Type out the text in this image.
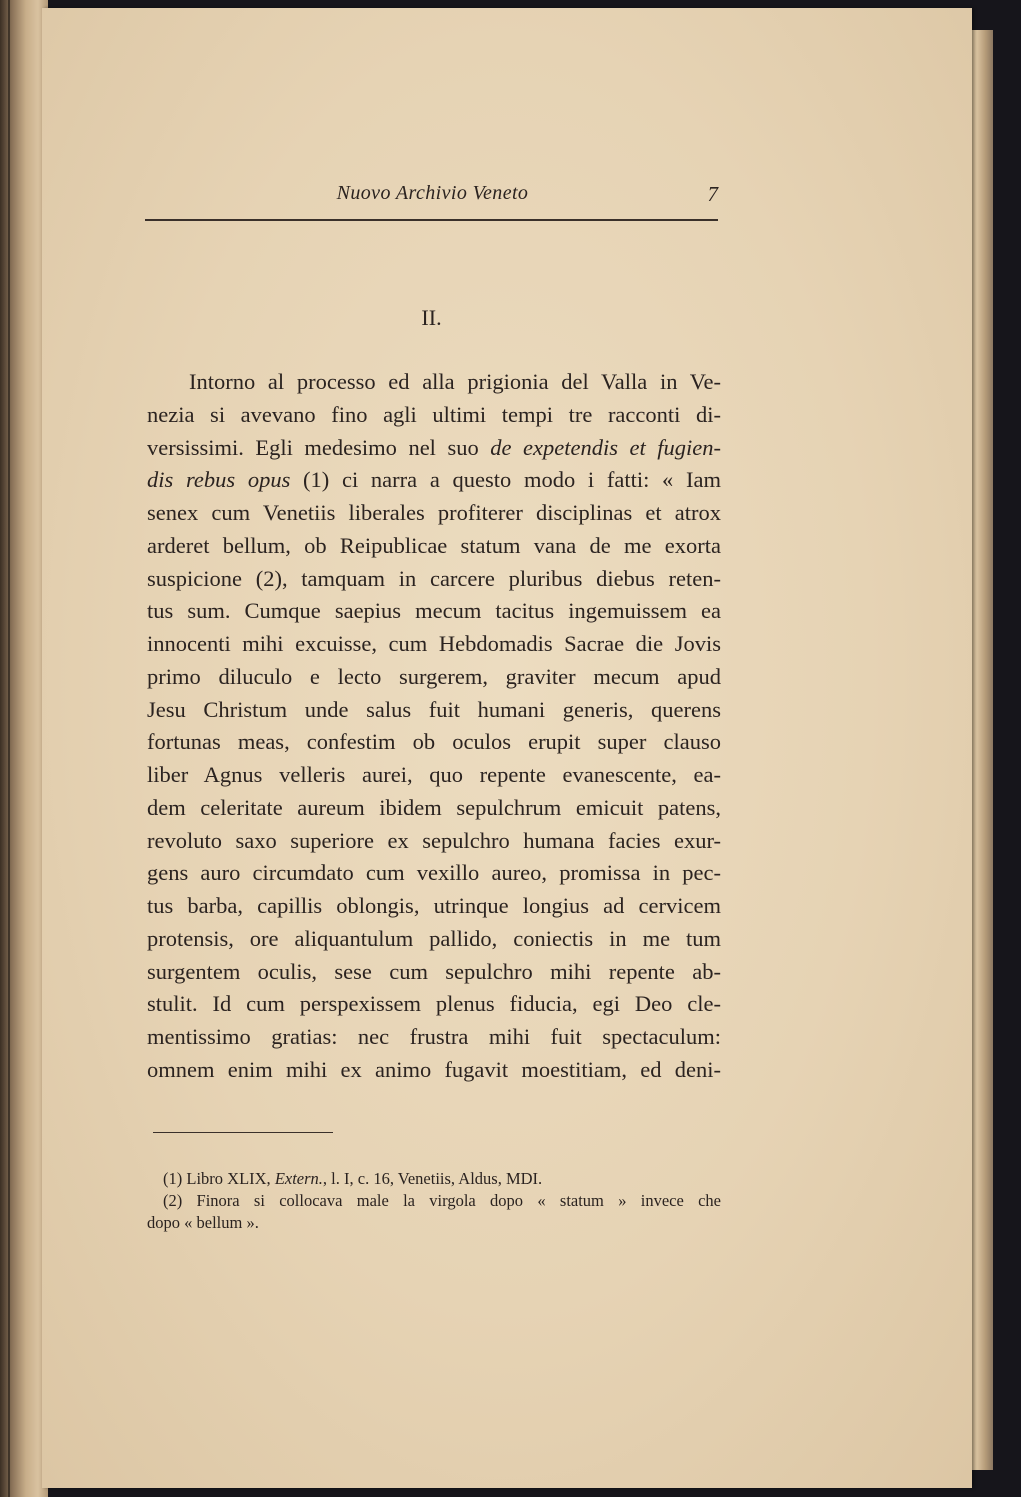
Nuovo Archivio Veneto	7
II.
Intorno al processo ed alla prigionia del Valla in Ve-
nezia si avevano fino agli ultimi tempi tre racconti di-
versissimi. Egli medesimo nel suo de expetendis et fugien-
dis rebus opus (1) ci narra a questo modo i fatti: « Iam
senex cum Venetiis liberales profiterer disciplinas et atrox
arderet bellum, ob Reipublicae statum vana de me exorta
suspicione (2), tamquam in carcere pluribus diebus reten-
tus sum. Cumque saepius mecum tacitus ingemuissem ea
innocenti mihi excuisse, cum Hebdomadis Sacrae die Jovis
primo diluculo e lecto surgerem, graviter mecum apud
Jesu Christum unde salus fuit humani generis, querens
fortunas meas, confestim ob oculos erupit super clauso
liber Agnus velleris aurei, quo repente evanescente, ea-
dem celeritate aureum ibidem sepulchrum emicuit patens,
revoluto saxo superiore ex sepulchro humana facies exur-
gens auro circumdato cum vexillo aureo, promissa in pec-
tus barba, capillis oblongis, utrinque longius ad cervicem
protensis, ore aliquantulum pallido, coniectis in me tum
surgentem oculis, sese cum sepulchro mihi repente ab-
stulit. Id cum perspexissem plenus fiducia, egi Deo cle-
mentissimo gratias: nec frustra mihi fuit spectaculum:
omnem enim mihi ex animo fugavit moestitiam, ed deni-
(1) Libro XLIX, Extern., l. I, c. 16, Venetiis, Aldus, MDI.
(2) Finora si collocava male la virgola dopo « statum » invece che
dopo « bellum ».
